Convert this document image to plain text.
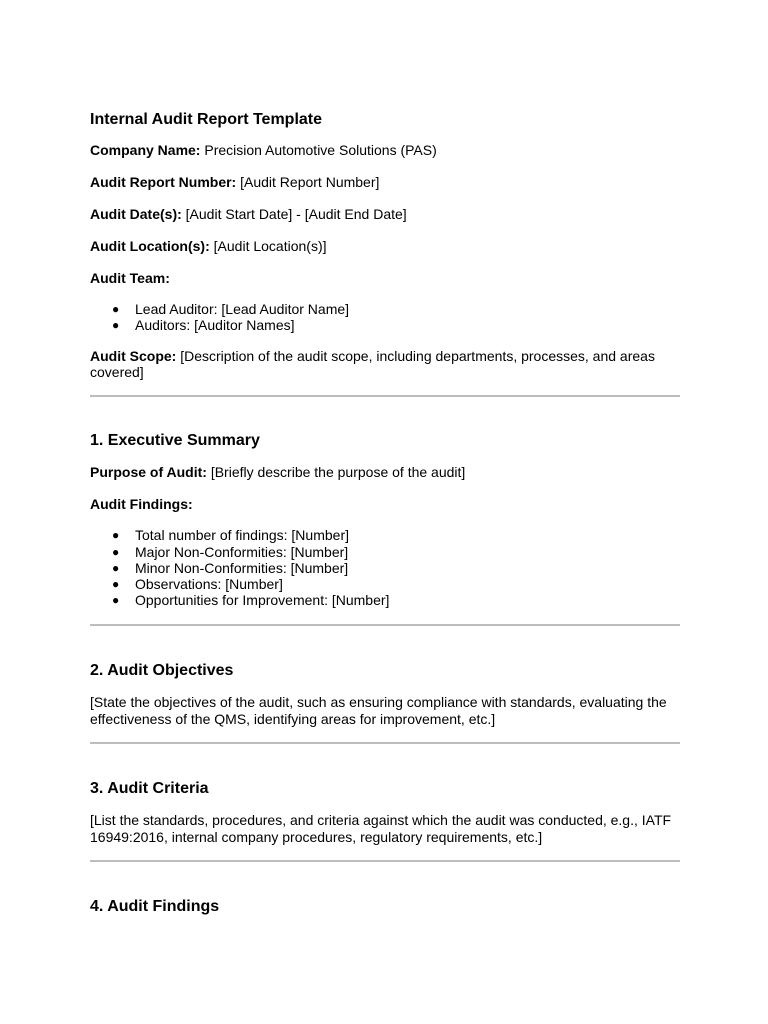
Internal Audit Report Template

Company Name: Precision Automotive Solutions (PAS)

Audit Report Number: [Audit Report Number]

Audit Date(s): [Audit Start Date] - [Audit End Date]

Audit Location(s): [Audit Location(s)]

Audit Team:

● Lead Auditor: [Lead Auditor Name]
● Auditors: [Auditor Names]

Audit Scope: [Description of the audit scope, including departments, processes, and areas covered]

1. Executive Summary

Purpose of Audit: [Briefly describe the purpose of the audit]

Audit Findings:

● Total number of findings: [Number]
● Major Non-Conformities: [Number]
● Minor Non-Conformities: [Number]
● Observations: [Number]
● Opportunities for Improvement: [Number]
2. Audit Objectives

[State the objectives of the audit, such as ensuring compliance with standards, evaluating the effectiveness of the QMS, identifying areas for improvement, etc.]

3. Audit Criteria

[List the standards, procedures, and criteria against which the audit was conducted, e.g., IATF 16949:2016, internal company procedures, regulatory requirements, etc.]

4. Audit Findings
